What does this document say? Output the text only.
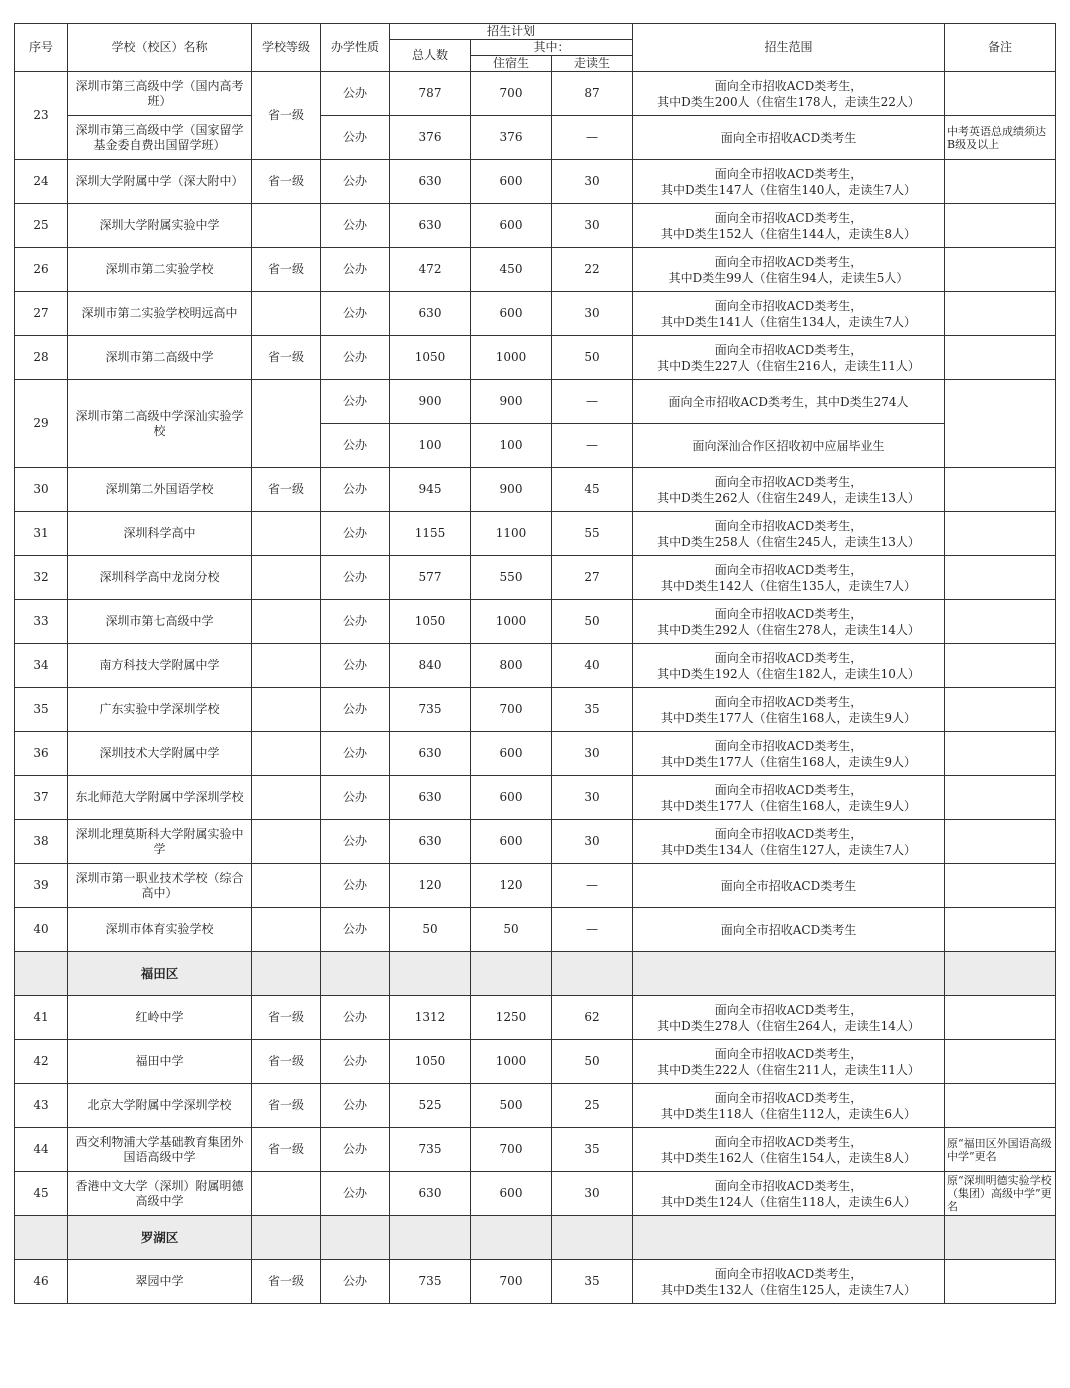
序号	学校（校区）名称	学校等级	办学性质	招生计划			招生范围	备注
				总人数	其中：			
					住宿生	走读生		
23	深圳市第三高级中学（国内高考班）	省一级	公办	787	700	87	面向全市招收ACD类考生，
其中D类生200人（住宿生178人，走读生22人）	

	深圳市第三高级中学（国家留学基金委自费出国留学班）		公办	376	376	—	面向全市招收ACD类考生	中考英语总成绩须达B级及以上
24	深圳大学附属中学（深大附中）	省一级	公办	630	600	30	面向全市招收ACD类考生，
其中D类生147人（住宿生140人，走读生7人）	

25	深圳大学附属实验中学		公办	630	600	30	面向全市招收ACD类考生，
其中D类生152人（住宿生144人，走读生8人）	

26	深圳市第二实验学校	省一级	公办	472	450	22	面向全市招收ACD类考生，
其中D类生99人（住宿生94人，走读生5人）	

27	深圳市第二实验学校明远高中		公办	630	600	30	面向全市招收ACD类考生，
其中D类生141人（住宿生134人，走读生7人）	

28	深圳市第二高级中学	省一级	公办	1050	1000	50	面向全市招收ACD类考生，
其中D类生227人（住宿生216人，走读生11人）	

29	深圳市第二高级中学深汕实验学校		公办	900	900	—	面向全市招收ACD类考生，其中D类生274人	

			公办	100	100	—	面向深汕合作区招收初中应届毕业生	

30	深圳第二外国语学校	省一级	公办	945	900	45	面向全市招收ACD类考生，
其中D类生262人（住宿生249人，走读生13人）	

31	深圳科学高中		公办	1155	1100	55	面向全市招收ACD类考生，
其中D类生258人（住宿生245人，走读生13人）	

32	深圳科学高中龙岗分校		公办	577	550	27	面向全市招收ACD类考生，
其中D类生142人（住宿生135人，走读生7人）	

33	深圳市第七高级中学		公办	1050	1000	50	面向全市招收ACD类考生，
其中D类生292人（住宿生278人，走读生14人）	

34	南方科技大学附属中学		公办	840	800	40	面向全市招收ACD类考生，
其中D类生192人（住宿生182人，走读生10人）	

35	广东实验中学深圳学校		公办	735	700	35	面向全市招收ACD类考生，
其中D类生177人（住宿生168人，走读生9人）	

36	深圳技术大学附属中学		公办	630	600	30	面向全市招收ACD类考生，
其中D类生177人（住宿生168人，走读生9人）	

37	东北师范大学附属中学深圳学校		公办	630	600	30	面向全市招收ACD类考生，
其中D类生177人（住宿生168人，走读生9人）	

38	深圳北理莫斯科大学附属实验中学		公办	630	600	30	面向全市招收ACD类考生，
其中D类生134人（住宿生127人，走读生7人）	

39	深圳市第一职业技术学校（综合高中）		公办	120	120	—	面向全市招收ACD类考生	

40	深圳市体育实验学校		公办	50	50	—	面向全市招收ACD类考生	

	福田区							
41	红岭中学	省一级	公办	1312	1250	62	面向全市招收ACD类考生，
其中D类生278人（住宿生264人，走读生14人）	

42	福田中学	省一级	公办	1050	1000	50	面向全市招收ACD类考生，
其中D类生222人（住宿生211人，走读生11人）	

43	北京大学附属中学深圳学校	省一级	公办	525	500	25	面向全市招收ACD类考生，
其中D类生118人（住宿生112人，走读生6人）	

44	西交利物浦大学基础教育集团外国语高级中学	省一级	公办	735	700	35	面向全市招收ACD类考生，
其中D类生162人（住宿生154人，走读生8人）	原“福田区外国语高级中学”更名
45	香港中文大学（深圳）附属明德高级中学		公办	630	600	30	面向全市招收ACD类考生，
其中D类生124人（住宿生118人，走读生6人）	原“深圳明德实验学校（集团）高级中学”更名
	罗湖区							
46	翠园中学	省一级	公办	735	700	35	面向全市招收ACD类考生，
其中D类生132人（住宿生125人，走读生7人）	
